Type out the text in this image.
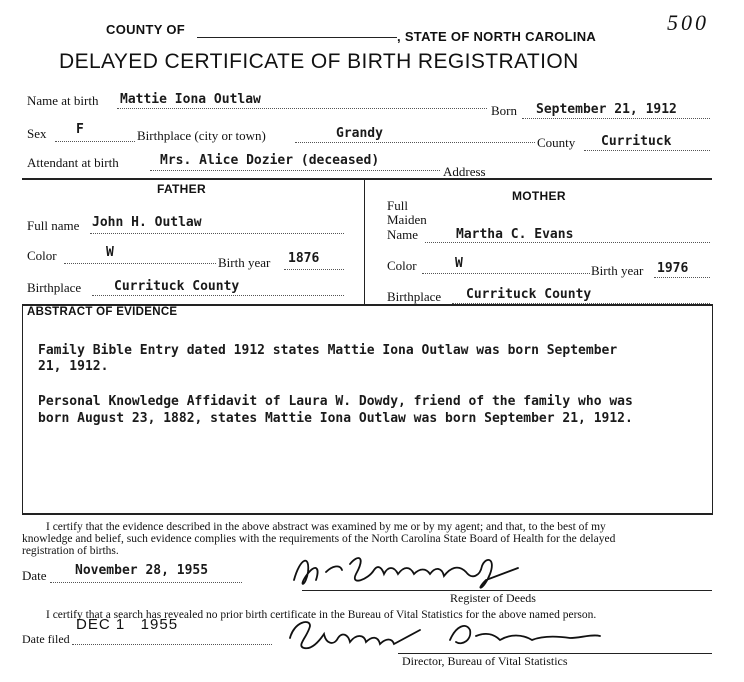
COUNTY OF	, STATE OF NORTH CAROLINA
500
DELAYED CERTIFICATE OF BIRTH REGISTRATION
Name at birth Mattie Iona Outlaw
Born September 21, 1912
Sex F	Birthplace (city or town)	Grandy
County Currituck
Attendant at birth	Mrs. Alice Dozier (deceased)
Address
FATHER
Full name John H. Outlaw
Color	W
Birth year 1876
Birthplace	Currituck County
MOTHER
Full
Maiden
Name	Martha C. Evans
Color	W	Birth year 1976
Birthplace Currituck County
ABSTRACT OF EVIDENCE
Family Bible Entry dated 1912 states Mattie Iona Outlaw was born September
21, 1912.
Personal Knowledge Affidavit of Laura W. Dowdy, friend of the family who was
born August 23, 1882, states Mattie Iona Outlaw was born September 21, 1912.
I certify that the evidence described in the above abstract was examined by me or by my agent; and that, to the best of my
knowledge and belief, such evidence complies with the requirements of the North Carolina State Board of Health for the delayed
registration of births.
Date November 28, 1955
Register of Deeds
I certify that a search has revealed no prior birth certificate in the Bureau of Vital Statistics for the above named person.
Date filed
DEC 1   1955
Director, Bureau of Vital Statistics
